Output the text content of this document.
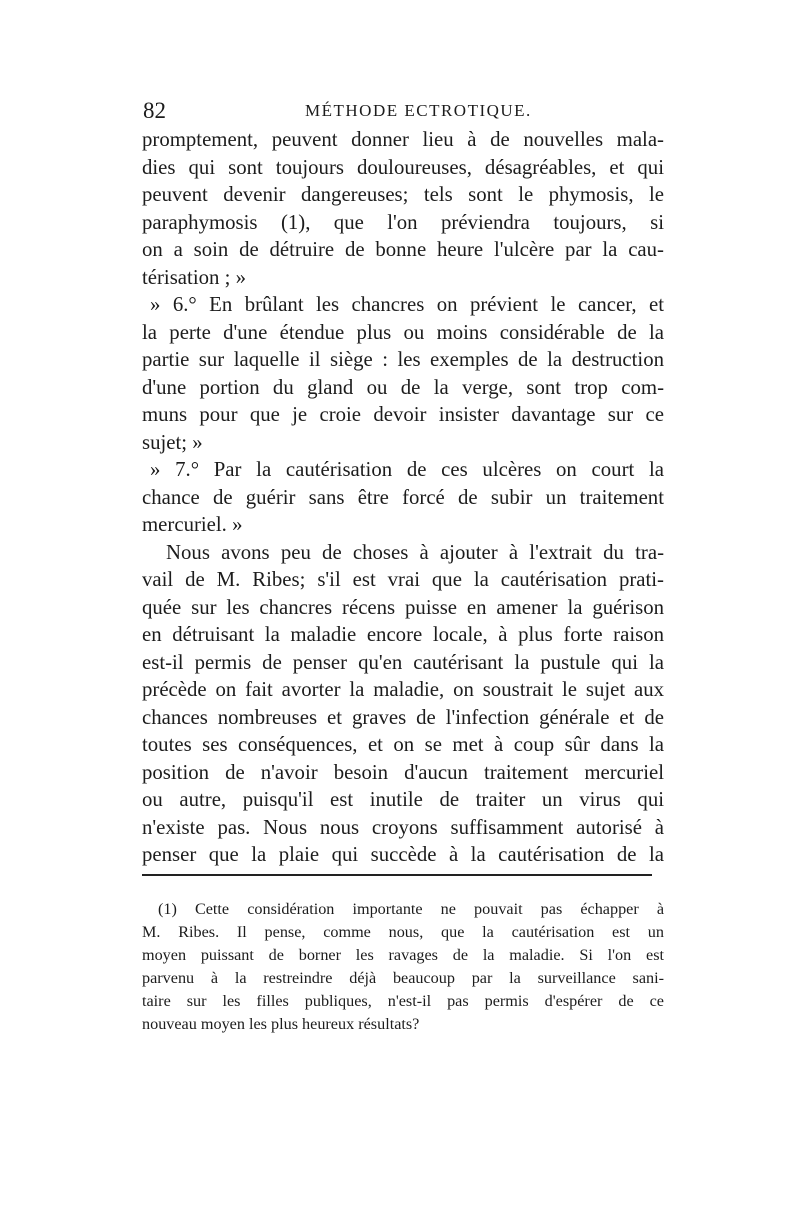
82	MÉTHODE ECTROTIQUE.
promptement, peuvent donner lieu à de nouvelles mala-
dies qui sont toujours douloureuses, désagréables, et qui
peuvent devenir dangereuses; tels sont le phymosis, le
paraphymosis (1), que l'on préviendra toujours, si
on a soin de détruire de bonne heure l'ulcère par la cau-
térisation ; »
» 6.° En brûlant les chancres on prévient le cancer, et
la perte d'une étendue plus ou moins considérable de la
partie sur laquelle il siège : les exemples de la destruction
d'une portion du gland ou de la verge, sont trop com-
muns pour que je croie devoir insister davantage sur ce
sujet; »
» 7.° Par la cautérisation de ces ulcères on court la
chance de guérir sans être forcé de subir un traitement
mercuriel. »
Nous avons peu de choses à ajouter à l'extrait du tra-
vail de M. Ribes; s'il est vrai que la cautérisation prati-
quée sur les chancres récens puisse en amener la guérison
en détruisant la maladie encore locale, à plus forte raison
est-il permis de penser qu'en cautérisant la pustule qui la
précède on fait avorter la maladie, on soustrait le sujet aux
chances nombreuses et graves de l'infection générale et de
toutes ses conséquences, et on se met à coup sûr dans la
position de n'avoir besoin d'aucun traitement mercuriel
ou autre, puisqu'il est inutile de traiter un virus qui
n'existe pas. Nous nous croyons suffisamment autorisé à
penser que la plaie qui succède à la cautérisation de la
(1) Cette considération importante ne pouvait pas échapper à
M. Ribes. Il pense, comme nous, que la cautérisation est un
moyen puissant de borner les ravages de la maladie. Si l'on est
parvenu à la restreindre déjà beaucoup par la surveillance sani-
taire sur les filles publiques, n'est-il pas permis d'espérer de ce
nouveau moyen les plus heureux résultats?
